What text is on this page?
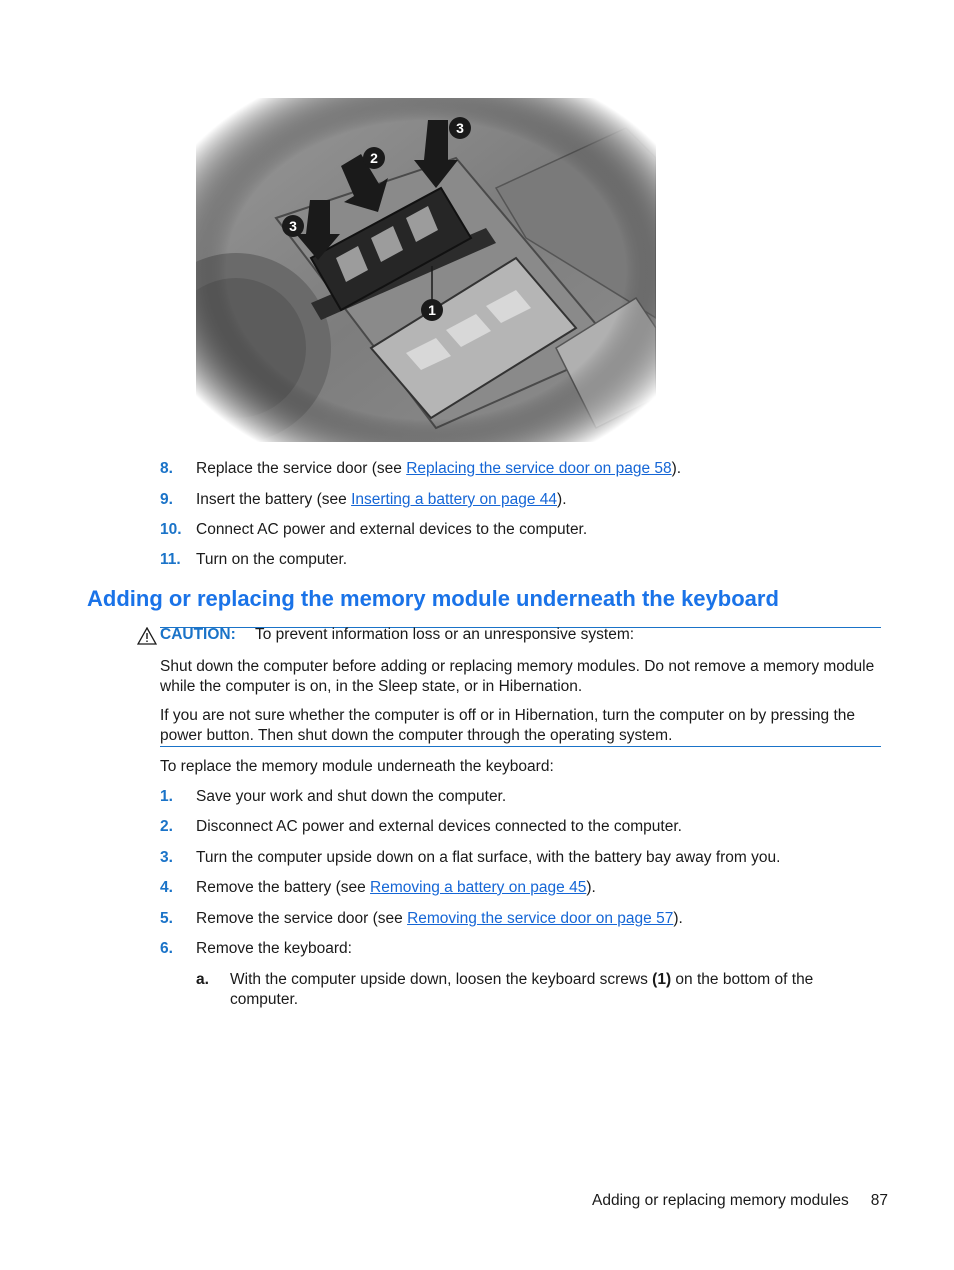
8. Replace the service door (see Replacing the service door on page 58).
9. Insert the battery (see Inserting a battery on page 44).
10. Connect AC power and external devices to the computer.
11. Turn on the computer.
Adding or replacing the memory module underneath the keyboard
CAUTION: To prevent information loss or an unresponsive system:
Shut down the computer before adding or replacing memory modules. Do not remove a memory module while the computer is on, in the Sleep state, or in Hibernation.
If you are not sure whether the computer is off or in Hibernation, turn the computer on by pressing the power button. Then shut down the computer through the operating system.
To replace the memory module underneath the keyboard:
1. Save your work and shut down the computer.
2. Disconnect AC power and external devices connected to the computer.
3. Turn the computer upside down on a flat surface, with the battery bay away from you.
4. Remove the battery (see Removing a battery on page 45).
5. Remove the service door (see Removing the service door on page 57).
6. Remove the keyboard:
a. With the computer upside down, loosen the keyboard screws (1) on the bottom of the computer.
Adding or replacing memory modules 87
